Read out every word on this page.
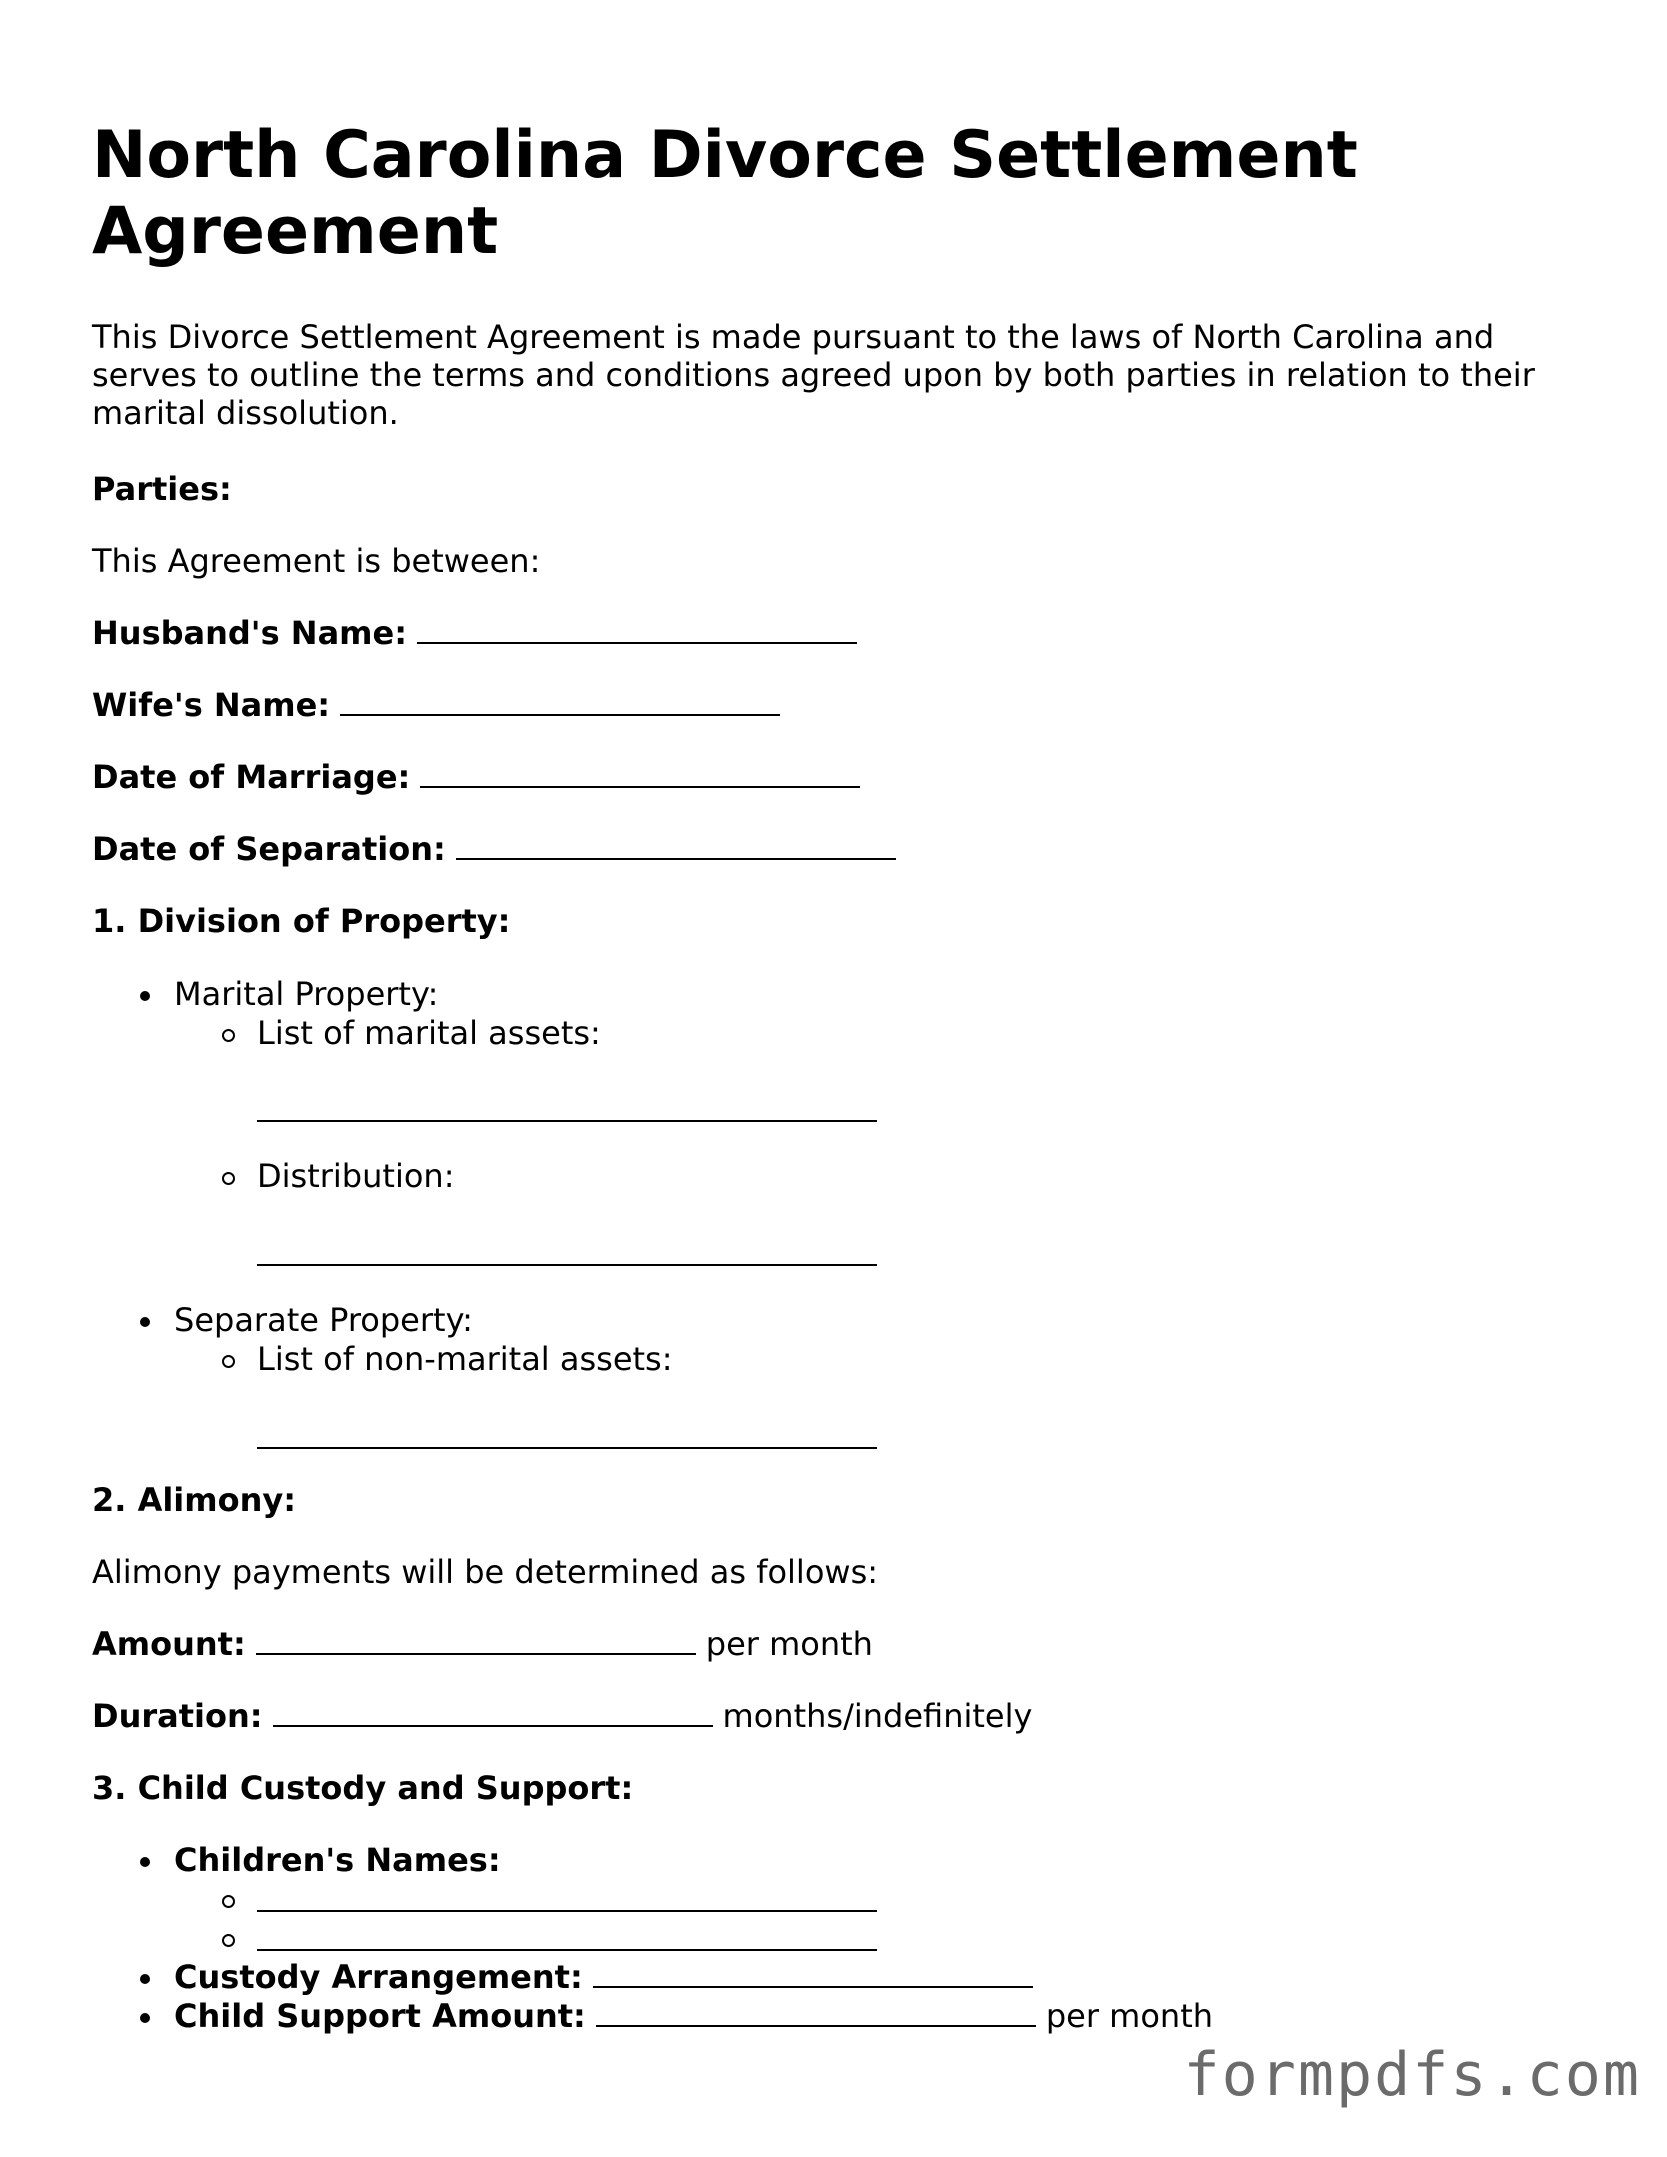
North Carolina Divorce Settlement Agreement

This Divorce Settlement Agreement is made pursuant to the laws of North Carolina and serves to outline the terms and conditions agreed upon by both parties in relation to their marital dissolution.

Parties:
This Agreement is between:
Husband's Name:
Wife's Name:
Date of Marriage:
Date of Separation:
1. Division of Property:
Marital Property:
List of marital assets:
Distribution:
Separate Property:
List of non-marital assets:
2. Alimony:
Alimony payments will be determined as follows:
Amount:	per month
Duration:	months/indefinitely
3. Child Custody and Support:
Children's Names:
Custody Arrangement:
Child Support Amount:	per month
formpdfs.com
